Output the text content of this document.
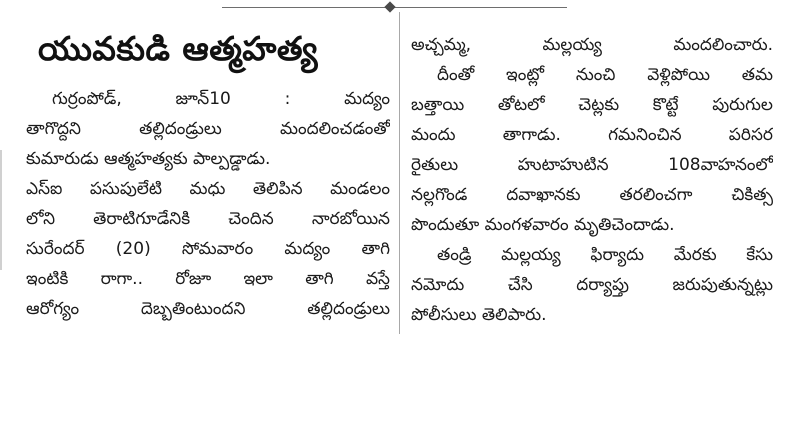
యువకుడి ఆత్మహత్య
గుర్రంపోడ్, జూన్10 : మద్యం
తాగొద్దని తల్లిదండ్రులు మందలించడంతో
కుమారుడు ఆత్మహత్యకు పాల్పడ్డాడు.
ఎస్ఐ పసుపులేటి మధు తెలిపిన మండలం
లోని తెరాటిగూడేనికి చెందిన నారబోయిన
సురేందర్ (20) సోమవారం మద్యం తాగి
ఇంటికి రాగా.. రోజూ ఇలా తాగి వస్తే
ఆరోగ్యం దెబ్బతింటుందని తల్లిదండ్రులు
అచ్చమ్మ, మల్లయ్య మందలించారు.
దీంతో ఇంట్లో నుంచి వెళ్లిపోయి తమ
బత్తాయి తోటలో చెట్లకు కొట్టే పురుగుల
మందు తాగాడు. గమనించిన పరిసర
రైతులు హుటాహుటిన 108వాహనంలో
నల్లగొండ దవాఖానకు తరలించగా చికిత్స
పొందుతూ మంగళవారం మృతిచెందాడు.
తండ్రి మల్లయ్య ఫిర్యాదు మేరకు కేసు
నమోదు చేసి దర్యాప్తు జరుపుతున్నట్లు
పోలీసులు తెలిపారు.
